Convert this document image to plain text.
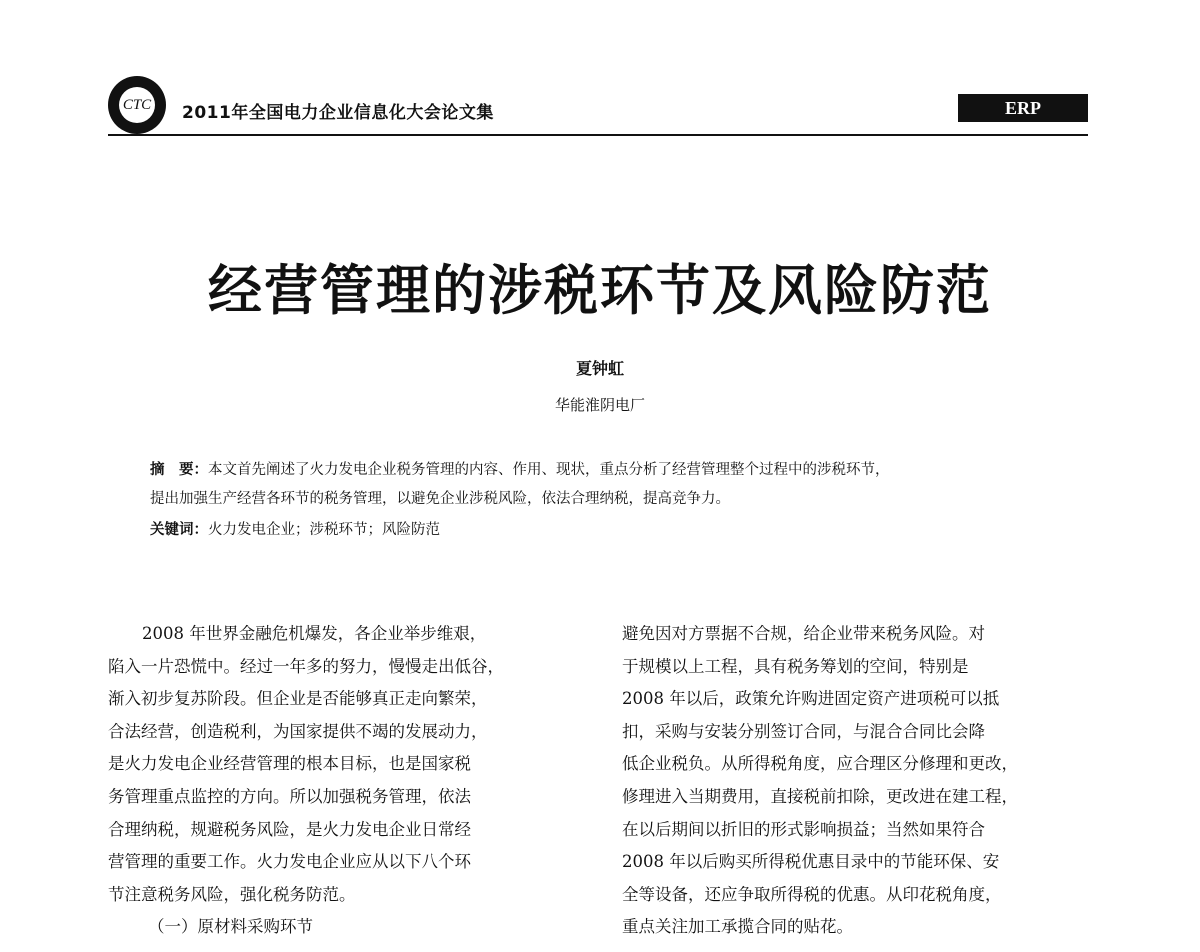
CTC 2011年全国电力企业信息化大会论文集	ERP
经营管理的涉税环节及风险防范
夏钟虹
华能淮阴电厂
摘　要：本文首先阐述了火力发电企业税务管理的内容、作用、现状，重点分析了经营管理整个过程中的涉税环节，
提出加强生产经营各环节的税务管理，以避免企业涉税风险，依法合理纳税，提高竞争力。
关键词：火力发电企业；涉税环节；风险防范
2008 年世界金融危机爆发，各企业举步维艰，
陷入一片恐慌中。经过一年多的努力，慢慢走出低谷，
渐入初步复苏阶段。但企业是否能够真正走向繁荣，
合法经营，创造税利，为国家提供不竭的发展动力，
是火力发电企业经营管理的根本目标，也是国家税
务管理重点监控的方向。所以加强税务管理，依法
合理纳税，规避税务风险，是火力发电企业日常经
营管理的重要工作。火力发电企业应从以下八个环
节注意税务风险，强化税务防范。
（一）原材料采购环节
避免因对方票据不合规，给企业带来税务风险。对
于规模以上工程，具有税务筹划的空间，特别是
2008 年以后，政策允许购进固定资产进项税可以抵
扣，采购与安装分别签订合同，与混合合同比会降
低企业税负。从所得税角度，应合理区分修理和更改，
修理进入当期费用，直接税前扣除，更改进在建工程，
在以后期间以折旧的形式影响损益；当然如果符合
2008 年以后购买所得税优惠目录中的节能环保、安
全等设备，还应争取所得税的优惠。从印花税角度，
重点关注加工承揽合同的贴花。
